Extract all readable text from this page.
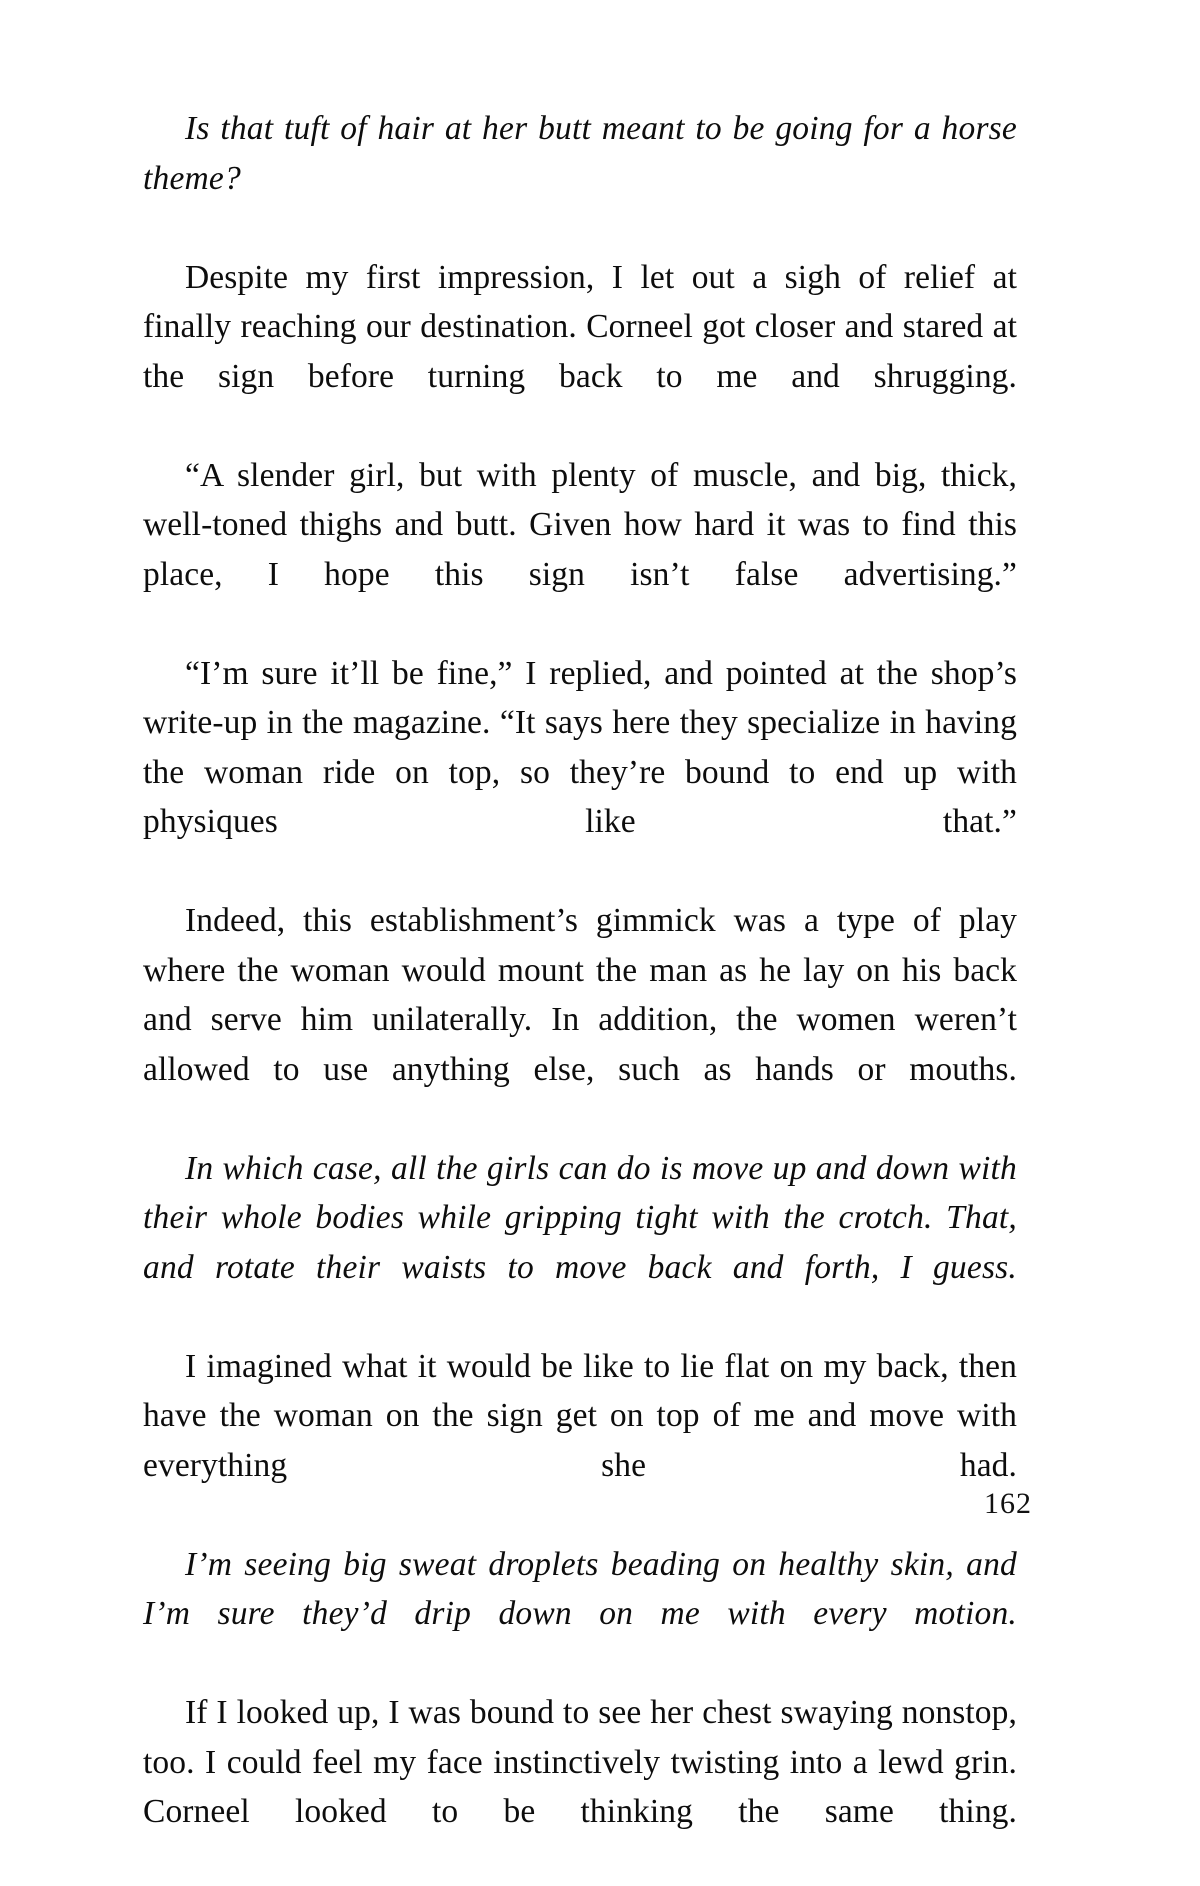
Is that tuft of hair at her butt meant to be going for a horse theme?

Despite my first impression, I let out a sigh of relief at finally reaching our destination. Corneel got closer and stared at the sign before turning back to me and shrugging.

“A slender girl, but with plenty of muscle, and big, thick, well-toned thighs and butt. Given how hard it was to find this place, I hope this sign isn’t false advertising.”

“I’m sure it’ll be fine,” I replied, and pointed at the shop’s write-up in the magazine. “It says here they specialize in having the woman ride on top, so they’re bound to end up with physiques like that.”

Indeed, this establishment’s gimmick was a type of play where the woman would mount the man as he lay on his back and serve him unilaterally. In addition, the women weren’t allowed to use anything else, such as hands or mouths.

In which case, all the girls can do is move up and down with their whole bodies while gripping tight with the crotch. That, and rotate their waists to move back and forth, I guess.

I imagined what it would be like to lie flat on my back, then have the woman on the sign get on top of me and move with everything she had.

I’m seeing big sweat droplets beading on healthy skin, and I’m sure they’d drip down on me with every motion.

If I looked up, I was bound to see her chest swaying nonstop, too. I could feel my face instinctively twisting into a lewd grin. Corneel looked to be thinking the same thing.

162
